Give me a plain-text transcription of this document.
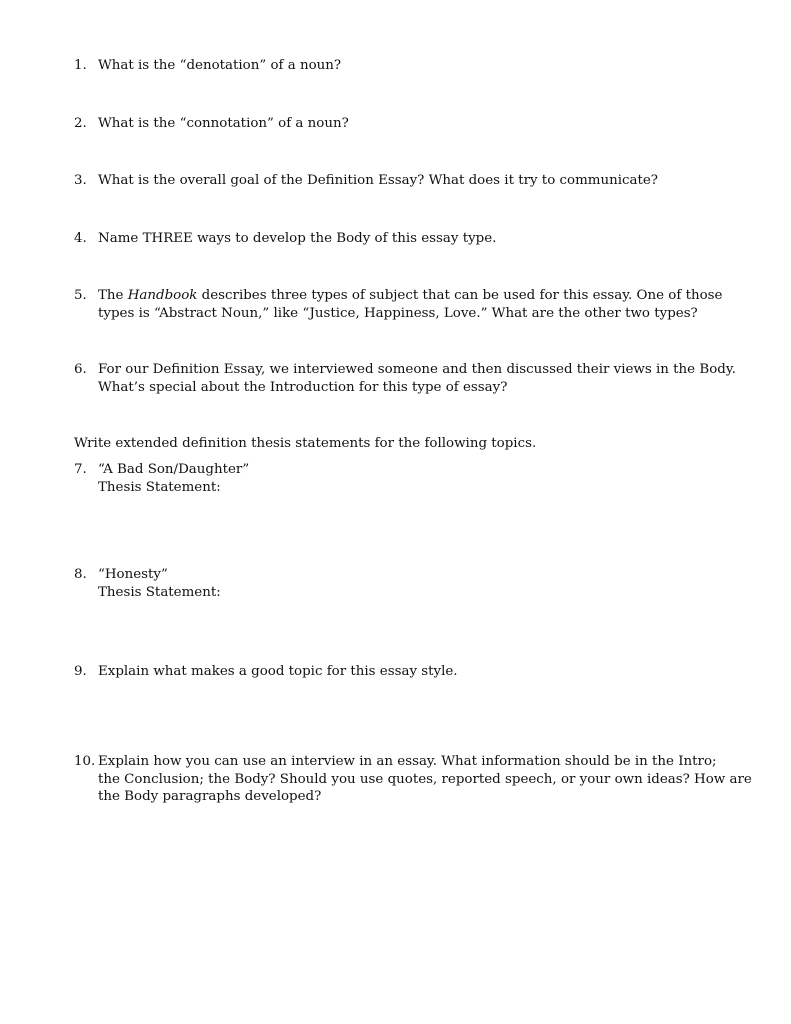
1. What is the “denotation” of a noun?
2. What is the “connotation” of a noun?
3. What is the overall goal of the Definition Essay? What does it try to communicate?
4. Name THREE ways to develop the Body of this essay type.
5. The Handbook describes three types of subject that can be used for this essay. One of those
types is “Abstract Noun,” like “Justice, Happiness, Love.” What are the other two types?
6. For our Definition Essay, we interviewed someone and then discussed their views in the Body.
What’s special about the Introduction for this type of essay?
Write extended definition thesis statements for the following topics.
7. “A Bad Son/Daughter”
Thesis Statement:
8. “Honesty”
Thesis Statement:
9. Explain what makes a good topic for this essay style.
10. Explain how you can use an interview in an essay. What information should be in the Intro;
the Conclusion; the Body? Should you use quotes, reported speech, or your own ideas? How are
the Body paragraphs developed?
